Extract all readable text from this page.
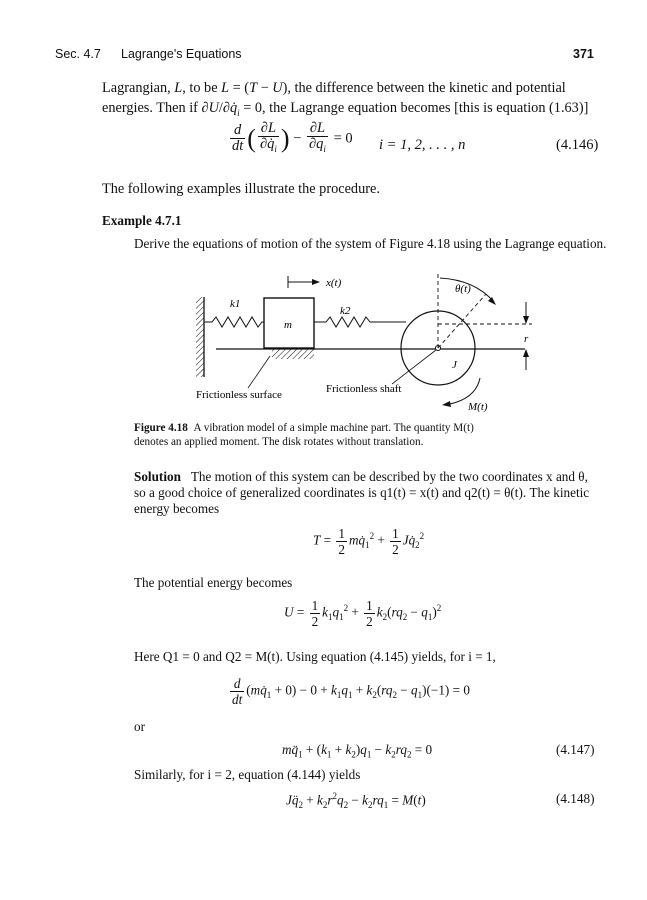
Sec. 4.7 Lagrange's Equations	371
Lagrangian, L, to be L = (T − U), the difference between the kinetic and potential
energies. Then if $\partial U/\partial q̇_i = 0$, the Lagrange equation becomes [this is equation (1.63)]
$\frac{d}{dt}$ ( $\frac{\partial L}{\partial q̇_i}$ ) − $\frac{\partial L}{\partial q_i} = 0$ i = 1, 2, . . . , n	(4.146)
The following examples illustrate the procedure.
Example 4.7.1
Derive the equations of motion of the system of Figure 4.18 using the Lagrange equation.
x(t)	θ(t)
k1
k2
m
r
J
M(t)
Frictionless surface	Frictionless shaft
Figure 4.18 A vibration model of a simple machine part. The quantity M(t)
denotes an applied moment. The disk rotates without translation.
Solution The motion of this system can be described by the two coordinates x and θ,
so a good choice of generalized coordinates is q1(t) = x(t) and q2(t) = θ(t). The kinetic
energy becomes
$T = \frac{1}{2}$ $mq̇_1^2 + \frac{1}{2}$ $Jq̇_2^2$
The potential energy becomes
$U = \frac{1}{2} k_1q_1^2 + \frac{1}{2} k_2(rq_2 - q_1)^2$
Here Q1 = 0 and Q2 = M(t). Using equation (4.145) yields, for i = 1,
$\frac{d}{dt}$ $(mq̇_1 + 0) - 0 + k_1q_1 + k_2(rq_2 - q_1)(-1) = 0$
or
$mq̈_1 + (k_1 + k_2)q_1 - k_2rq_2 = 0$	(4.147)
Similarly, for i = 2, equation (4.144) yields
$Jq̈_2 + k_2r^2q_2 - k_2rq_1 = M(t)$	(4.148)
